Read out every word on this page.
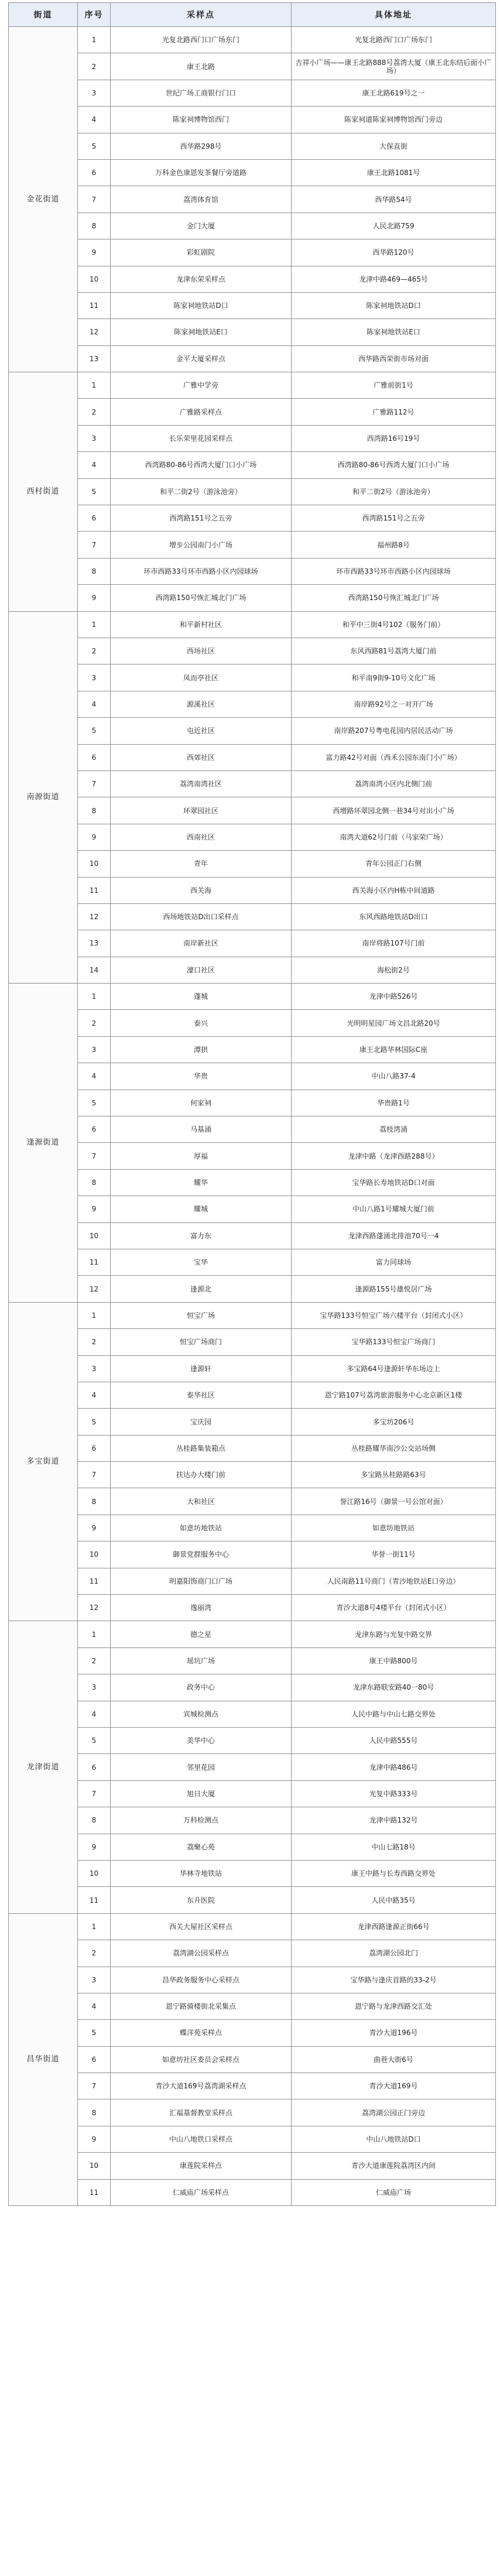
街道	序号	采样点	具体地址
金花街道	1	光复北路西门口广场东门	光复北路西门口广场东门
	2	康王北路	吉祥小广场——康王北路888号荔湾大厦（康王北东结后面小广场）
	3	世纪广场工商银行门口	康王北路619号之一
	4	陈家祠博物馆西门	陈家祠道陈家祠博物馆西门旁边
	5	西华路298号	大保直街
	6	万科金色康恩发茶餐厅旁道路	康王北路1081号
	7	荔湾体育馆	西华路54号
	8	金门大厦	人民北路759
	9	彩虹剧院	西华路120号
	10	龙津东荣采样点	龙津中路469—465号
	11	陈家祠地铁站D口	陈家祠地铁站D口
	12	陈家祠地铁站E口	陈家祠地铁站E口
	13	金平大厦采样点	西华路西荣街市场对面
西村街道	1	广雅中学旁	广雅前街1号
	2	广雅路采样点	广雅路112号
	3	长乐荣里花园采样点	西湾路16号19号
	4	西湾路80-86号西湾大厦门口小广场	西湾路80-86号西湾大厦门口小广场
	5	和平二街2号（游泳池旁）	和平二街2号（游泳池旁）
	6	西湾路151号之五旁	西湾路151号之五旁
	7	增步公园南门小广场	福州路8号
	8	环市西路33号环市西路小区内园球场	环市西路33号环市西路小区内园球场
	9	西湾路150号恢汇城北门广场	西湾路150号恢汇城北门广场
南源街道	1	和平新村社区	和平中三街4号102（服务门前）
	2	西场社区	东风西路81号荔湾大厦门前
	3	凤而亭社区	和平南9街9-10号文化广场
	4	源溪社区	南岸路92号之一对开广场
	5	屯近社区	南岸路207号粤电花园内居民活动广场
	6	西郊社区	富力路42号对面（西禾公园东南门小广场）
	7	荔湾南湾社区	荔湾南湾小区内北侧门前
	8	环翠园社区	西增路环翠园北侧一巷34号对出小广场
	9	西南社区	南湾大道62号门前（马家荣广场）
	10	青年	青年公园正门右侧
	11	西关海	西关海小区内H栋中间道路
	12	西场地铁站D出口采样点	东风西路地铁站D出口
	13	南岸新社区	南岸将路107号门前
	14	濠口社区	海松街2号
逢源街道	1	蓬城	龙津中路526号
	2	泰兴	光明明星园广场文昌北路20号
	3	潭拱	康王北路华林国际C座
	4	华贵	中山八路37-4
	5	何家祠	华贵路1号
	6	马基涌	荔枝湾涌
	7	厚福	龙津中路（龙津西路288号）
	8	耀华	宝华路长寿地铁站D口对面
	9	耀城	中山八路1号耀城大厦门前
	10	富力东	龙津西路蓬涌北排池70号一4
	11	宝华	富力同球场
	12	逢源北	逢源路155号雄悦居广场
多宝街道	1	恒宝广场	宝华路133号恒宝广场六楼平台（封闭式小区）
	2	恒宝广场商门	宝华路133号恒宝广场商门
	3	逢源轩	多宝路64号逢源轩华东场边上
	4	泰华社区	恩宁路107号荔湾旅游服务中心北京新区1楼
	5	宝庆园	多宝坊206号
	6	丛桂路集装箱点	丛桂路耀华南沙公交站场侧
	7	扶达办大楼门前	多宝路丛桂路路63号
	8	大和社区	誉江路16号（御景一号公馆对面）
	9	如意坊地铁站	如意坊地铁站
	10	御景党群服务中心	华誉一街11号
	11	明嘉阳饰商门口广场	人民南路11号商门（青沙地铁站E口旁边）
	12	逸丽湾	青沙大道8号4楼平台（封闭式小区）
龙津街道	1	德之星	龙津东路与光复中路交界
	2	瑶坑广场	康王中路800号
	3	政务中心	龙津东路联安路40一80号
	4	宾城检测点	人民中路与中山七路交界处
	5	美华中心	人民中路555号
	6	邻里花园	龙津中路486号
	7	旭日大厦	光复中路333号
	8	万科检测点	龙津中路132号
	9	荔聚心苑	中山七路18号
	10	华林寺地铁站	康王中路与长寿西路交界处
	11	东升医院	人民中路35号
昌华街道	1	西关大屋社区采样点	龙津西路逢源正街66号
	2	荔湾湖公园采样点	荔湾湖公园北门
	3	昌华政务服务中心采样点	宝华路与逢庆首路的33-2号
	4	恩宁路骑楼街北采集点	恩宁路与龙津西路交汇处
	5	蝶洋苑采样点	青沙大道196号
	6	如意坊社区委员会采样点	曲巷大街6号
	7	青沙大道169号荔湾湖采样点	青沙大道169号
	8	汇福基督教堂采样点	荔湾湖公园正门旁边
	9	中山八地铁口采样点	中山八地铁站D口
	10	康莲院采样点	青沙大道康莲院荔湾区内间
	11	仁威庙广场采样点	仁威庙广场
